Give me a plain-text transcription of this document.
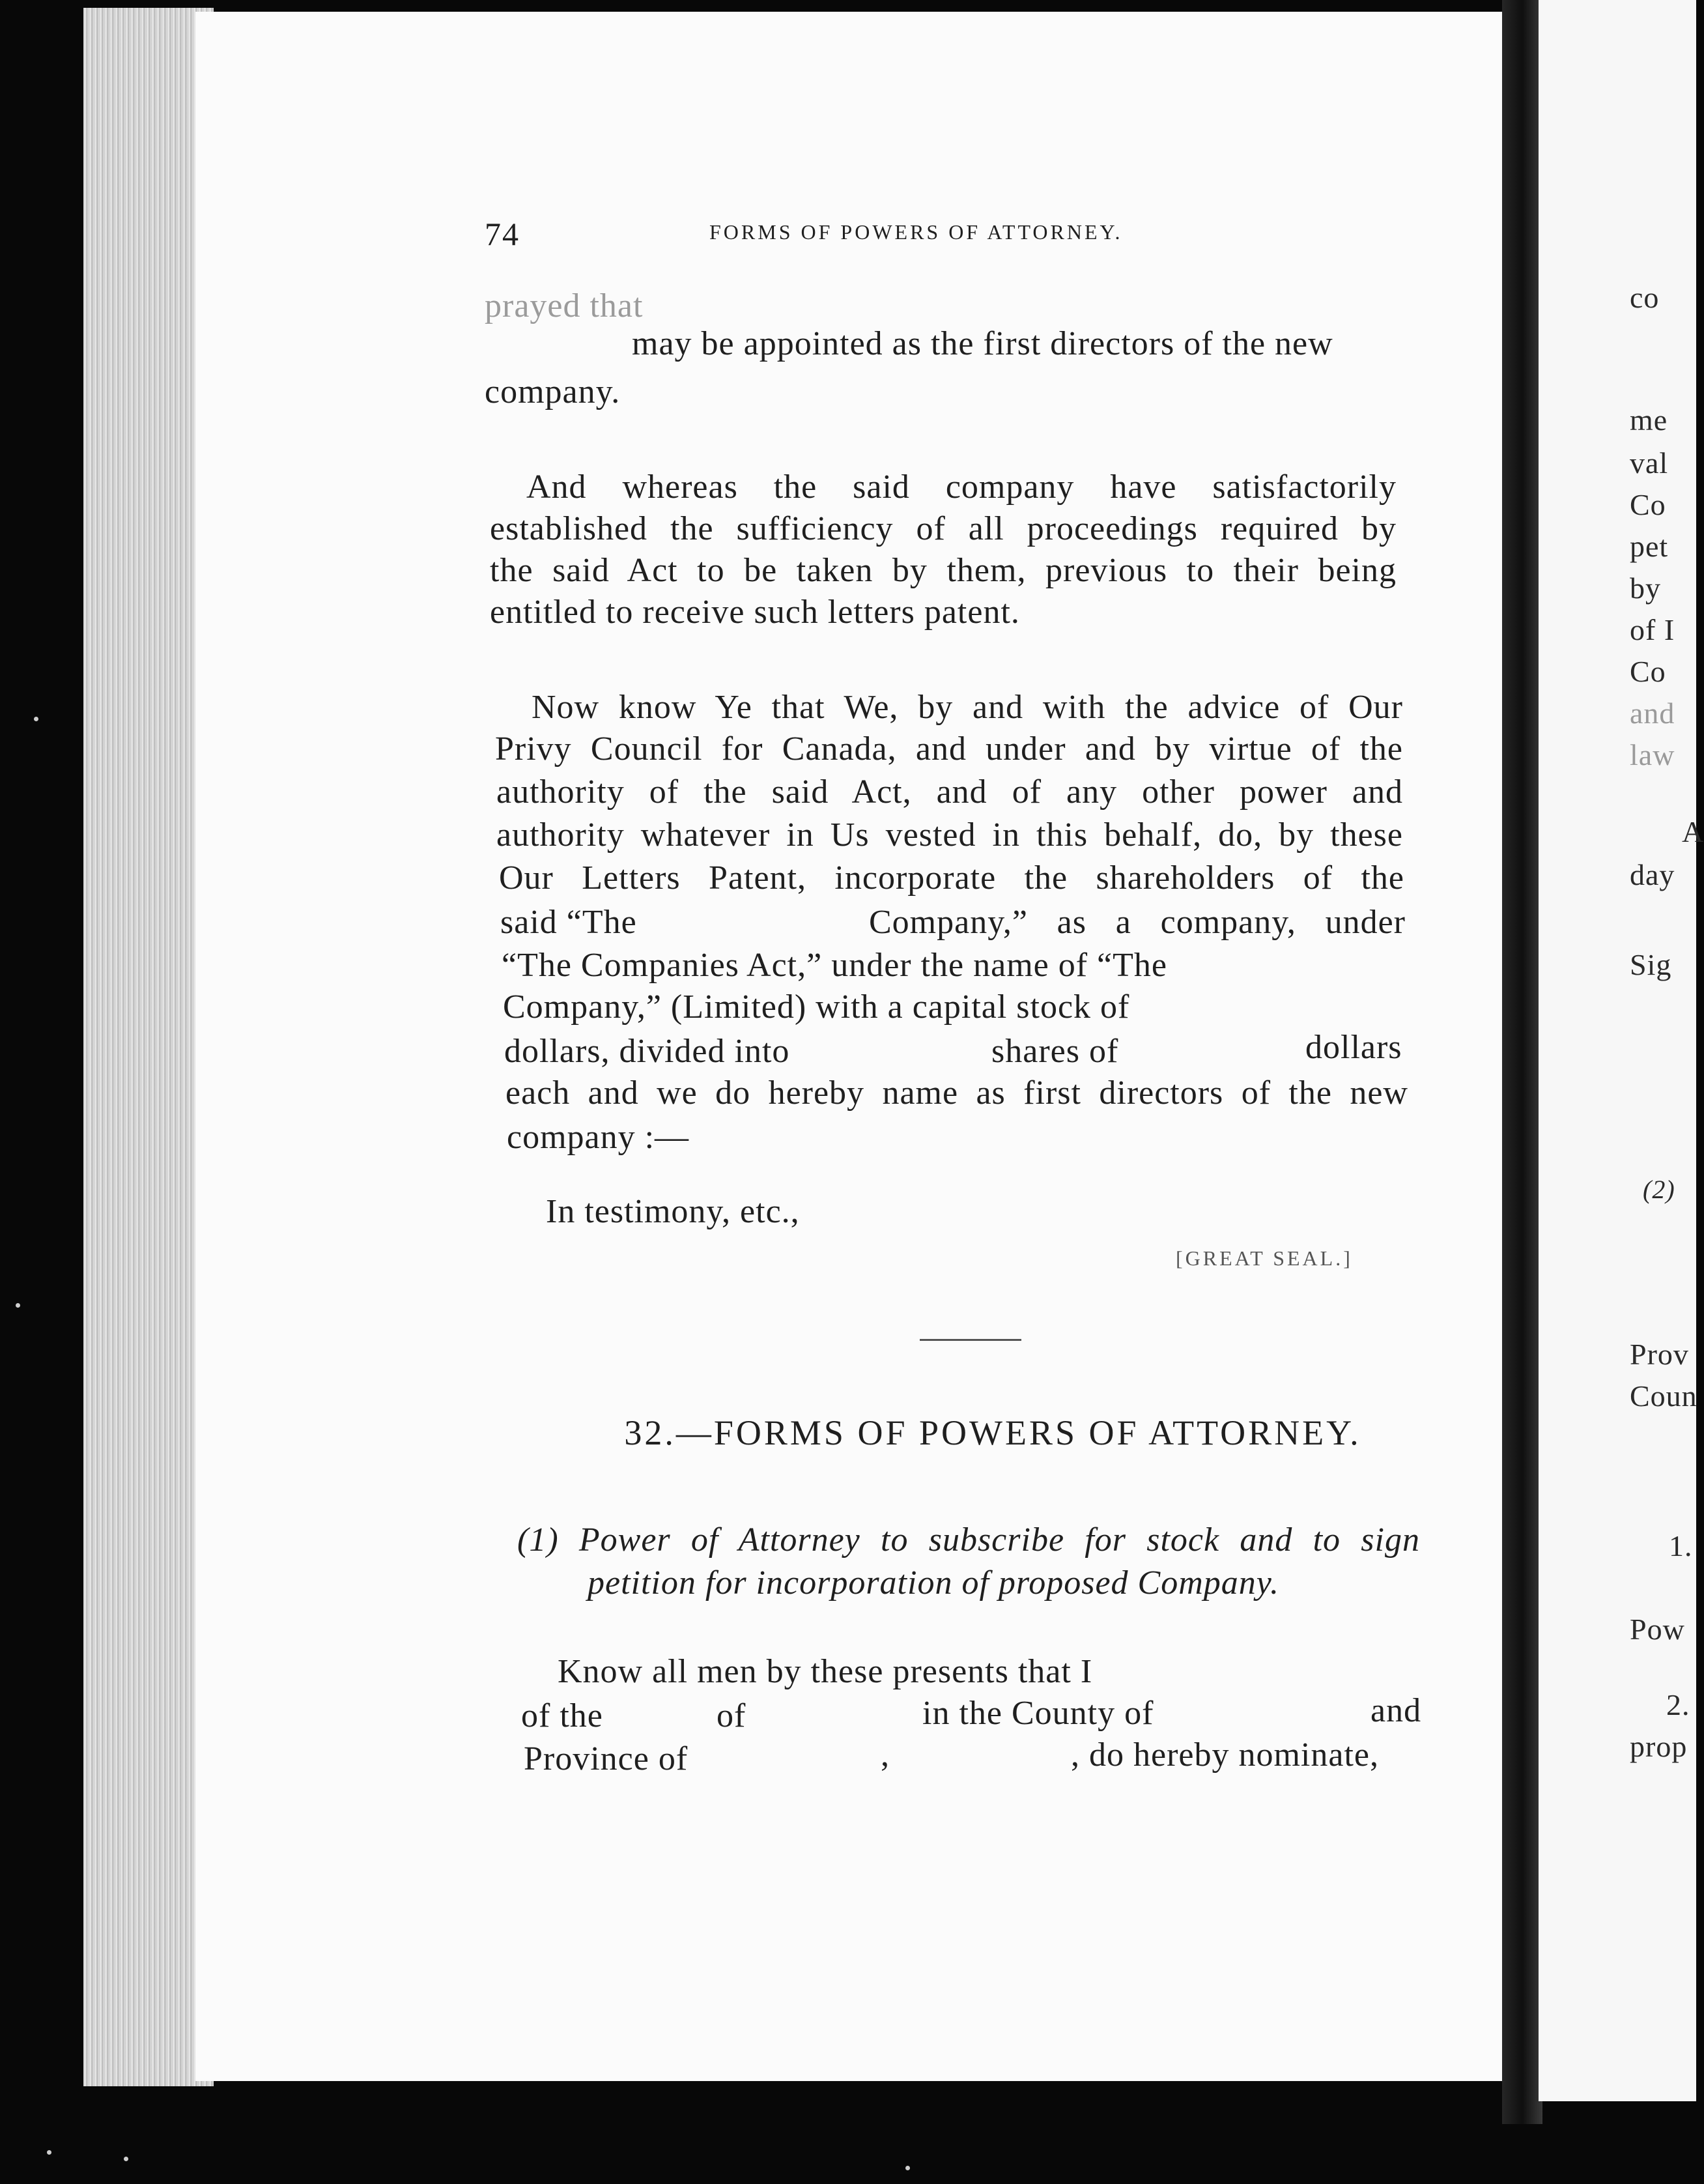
co
me
val
Co
pet
by
of I
Co
and
law
A
day
Sig
(2)
Prov
Coun
1.
Pow
2.
prop
74	FORMS OF POWERS OF ATTORNEY.
prayed that
may be appointed as the first directors of the new
company.
And whereas the said company have satisfactorily
established the sufficiency of all proceedings required by
the said Act to be taken by them, previous to their being
entitled to receive such letters patent.
Now know Ye that We, by and with the advice of Our
Privy Council for Canada, and under and by virtue of the
authority of the said Act, and of any other power and
authority whatever in Us vested in this behalf, do, by these
Our Letters Patent, incorporate the shareholders of the
said “The	Company,” as a company, under
“The Companies Act,” under the name of “The
Company,” (Limited) with a capital stock of
dollars, divided into	shares of	dollars
each and we do hereby name as first directors of the new
company :—
In testimony, etc.,
[GREAT SEAL.]
32.—FORMS OF POWERS OF ATTORNEY.
(1) Power of Attorney to subscribe for stock and to sign
petition for incorporation of proposed Company.
Know all men by these presents that I
of the	of	in the County of	and
Province of	,	, do hereby nominate,
